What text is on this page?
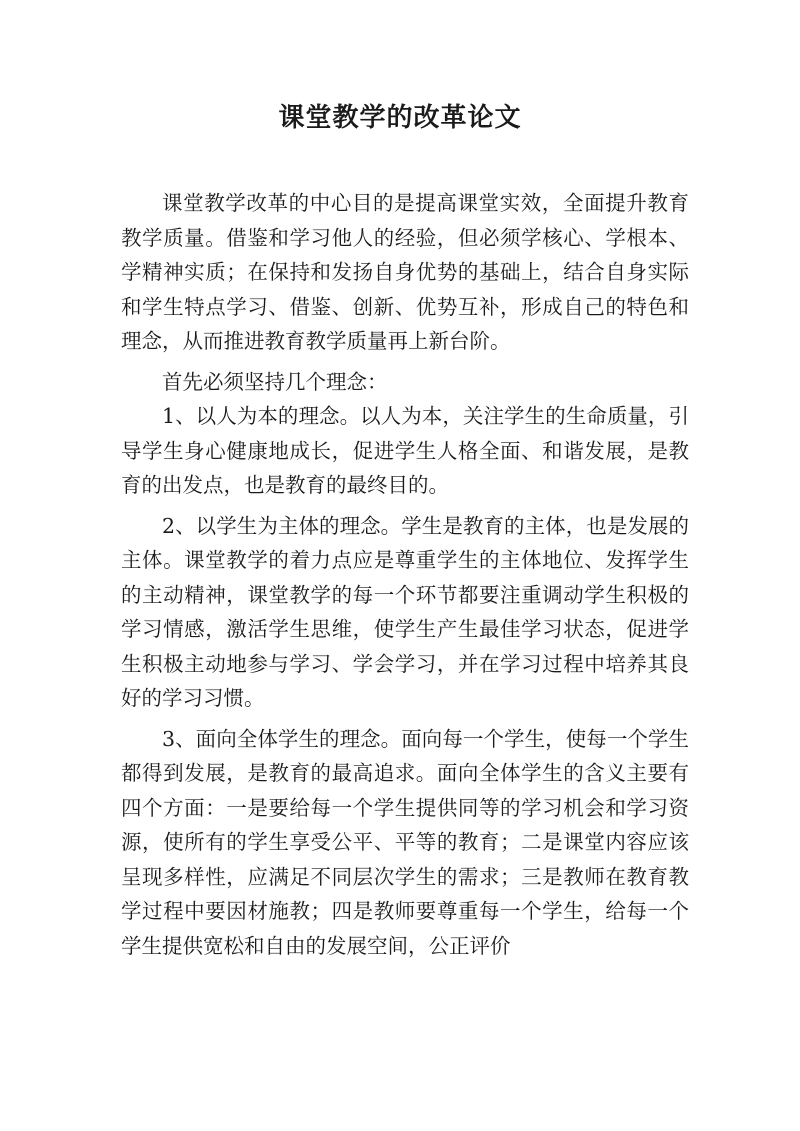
课堂教学的改革论文

课堂教学改革的中心目的是提高课堂实效，全面提升教育教学质量。借鉴和学习他人的经验，但必须学核心、学根本、学精神实质；在保持和发扬自身优势的基础上，结合自身实际和学生特点学习、借鉴、创新、优势互补，形成自己的特色和理念，从而推进教育教学质量再上新台阶。

首先必须坚持几个理念：

1、以人为本的理念。以人为本，关注学生的生命质量，引导学生身心健康地成长，促进学生人格全面、和谐发展，是教育的出发点，也是教育的最终目的。

2、以学生为主体的理念。学生是教育的主体，也是发展的主体。课堂教学的着力点应是尊重学生的主体地位、发挥学生的主动精神，课堂教学的每一个环节都要注重调动学生积极的学习情感，激活学生思维，使学生产生最佳学习状态，促进学生积极主动地参与学习、学会学习，并在学习过程中培养其良好的学习习惯。

3、面向全体学生的理念。面向每一个学生，使每一个学生都得到发展，是教育的最高追求。面向全体学生的含义主要有四个方面：一是要给每一个学生提供同等的学习机会和学习资源，使所有的学生享受公平、平等的教育；二是课堂内容应该呈现多样性，应满足不同层次学生的需求；三是教师在教育教学过程中要因材施教；四是教师要尊重每一个学生，给每一个学生提供宽松和自由的发展空间，公正评价
